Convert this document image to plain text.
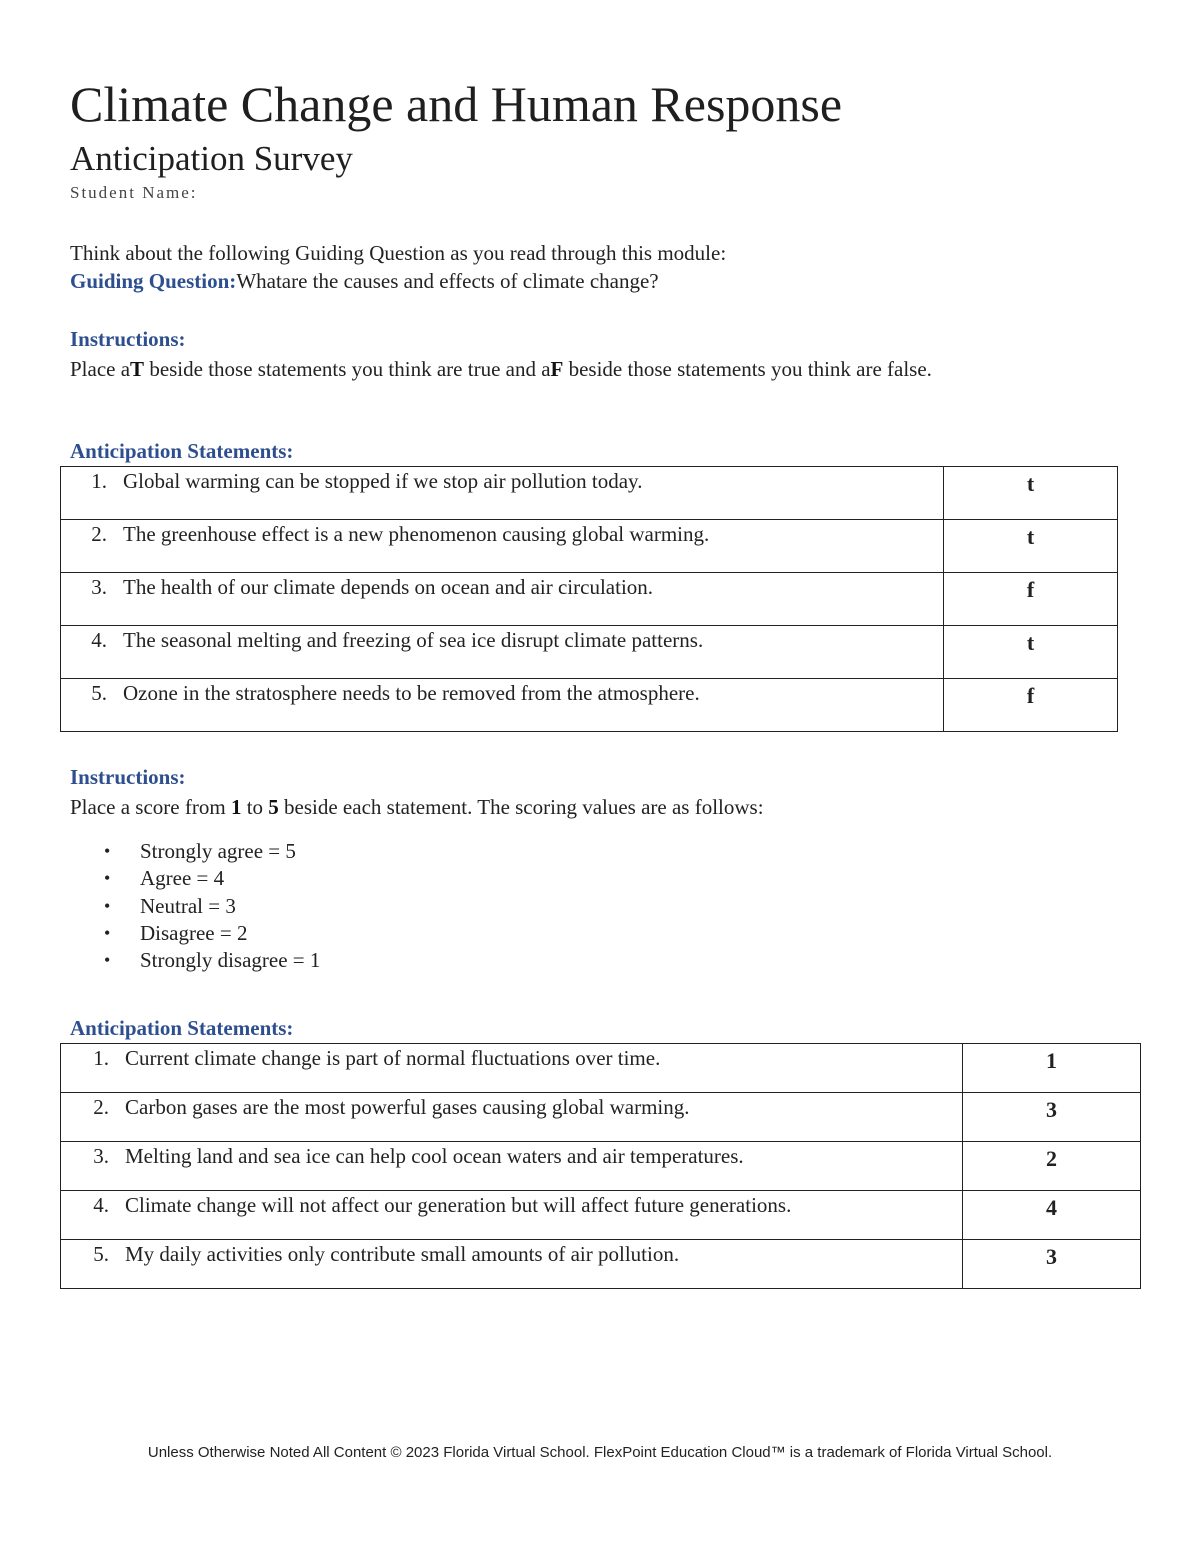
Climate Change and Human Response
Anticipation Survey
Student Name:
Think about the following Guiding Question as you read through this module:
Guiding Question:Whatare the causes and effects of climate change?
Instructions:
Place aT beside those statements you think are true and aF beside those statements you think are false.
Anticipation Statements:
1. Global warming can be stopped if we stop air pollution today.	t
2. The greenhouse effect is a new phenomenon causing global warming.	t
3. The health of our climate depends on ocean and air circulation.	f
4. The seasonal melting and freezing of sea ice disrupt climate patterns.	t
5. Ozone in the stratosphere needs to be removed from the atmosphere.	f
Instructions:
Place a score from 1 to 5 beside each statement. The scoring values are as follows:
• Strongly agree = 5
• Agree = 4
• Neutral = 3
• Disagree = 2
• Strongly disagree = 1
Anticipation Statements:
1. Current climate change is part of normal fluctuations over time.	1
2. Carbon gases are the most powerful gases causing global warming.	3
3. Melting land and sea ice can help cool ocean waters and air temperatures.	2
4. Climate change will not affect our generation but will affect future generations.	4
5. My daily activities only contribute small amounts of air pollution.	3
Unless Otherwise Noted All Content © 2023 Florida Virtual School. FlexPoint Education Cloud™ is a trademark of Florida Virtual School.
